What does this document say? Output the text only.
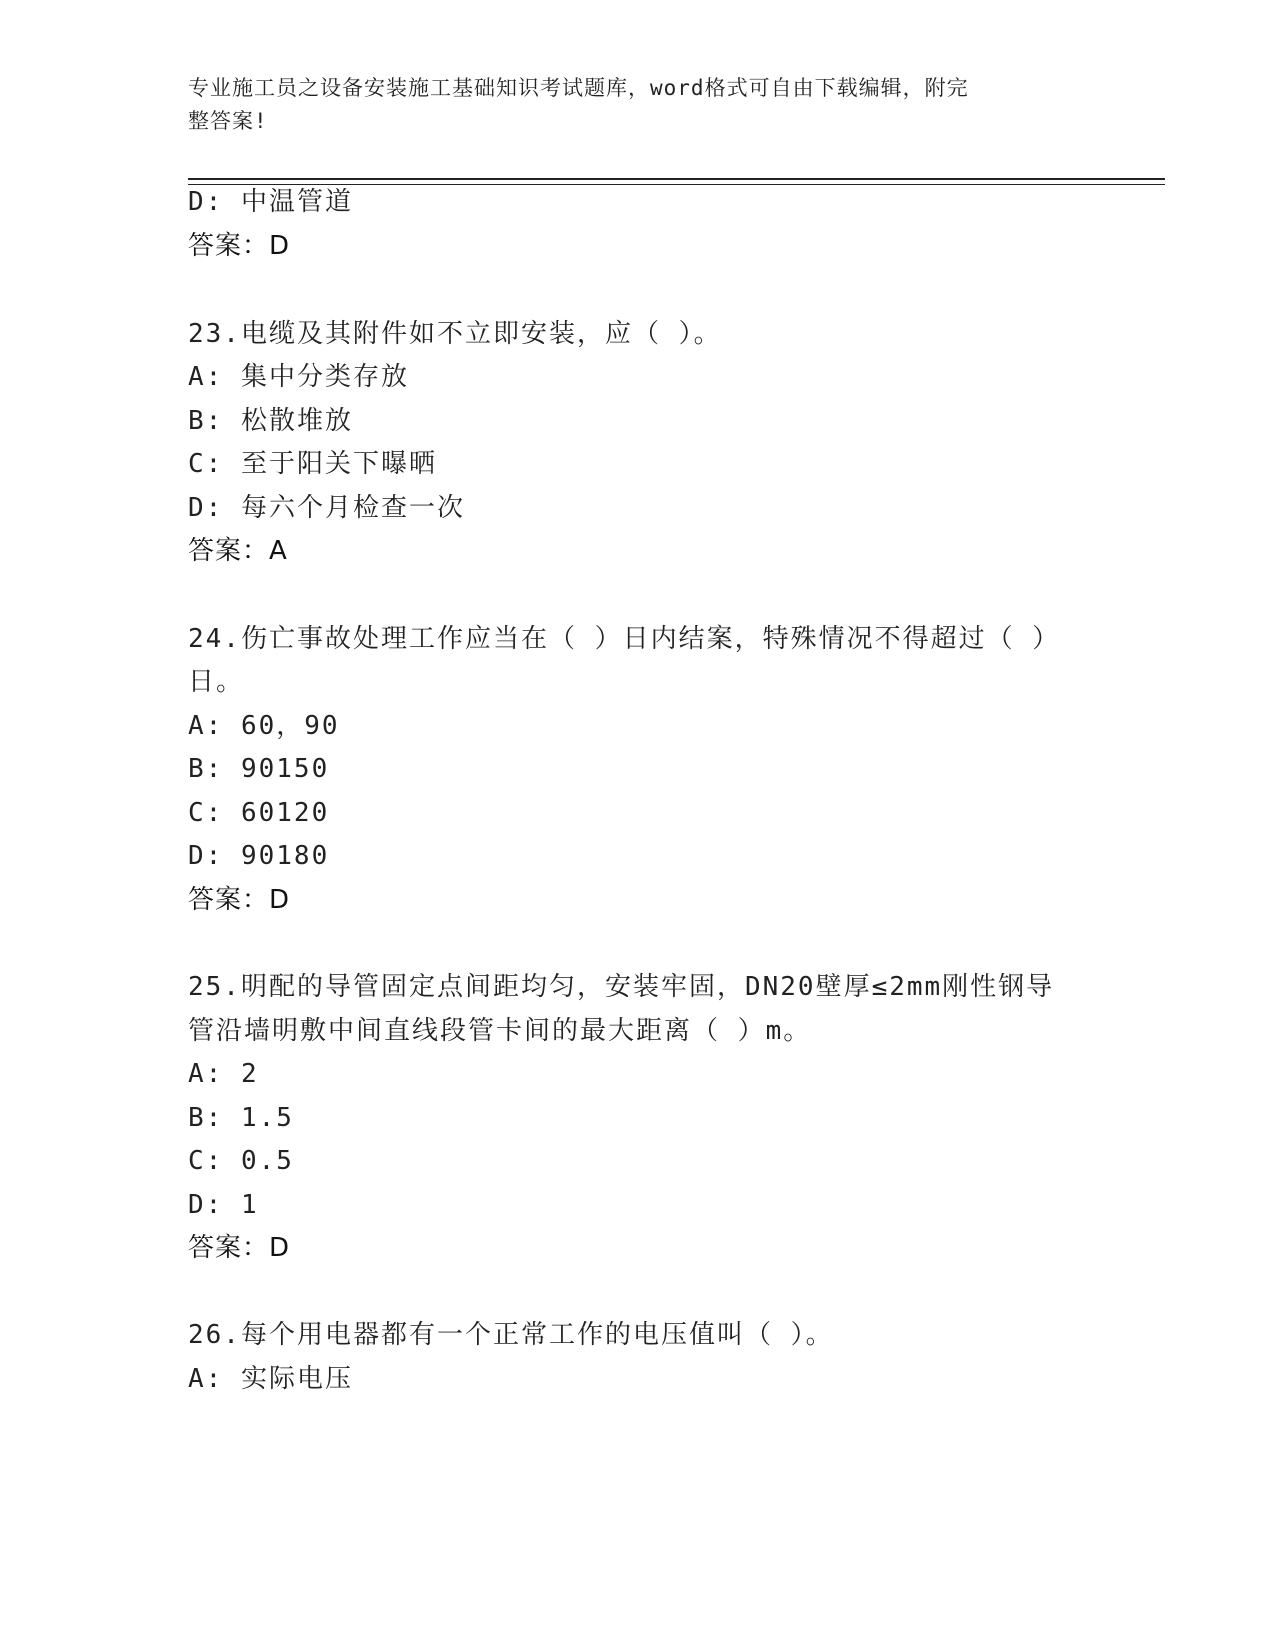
专业施工员之设备安装施工基础知识考试题库，word格式可自由下载编辑，附完
整答案!
D: 中温管道
答案：D
23.电缆及其附件如不立即安装，应（ ）。
A: 集中分类存放
B: 松散堆放
C: 至于阳关下曝晒
D: 每六个月检查一次
答案：A
24.伤亡事故处理工作应当在（ ）日内结案，特殊情况不得超过（ ）
日。
A: 60，90
B: 90150
C: 60120
D: 90180
答案：D
25.明配的导管固定点间距均匀，安装牢固，DN20壁厚≤2mm刚性钢导
管沿墙明敷中间直线段管卡间的最大距离（ ）m。
A: 2
B: 1.5
C: 0.5
D: 1
答案：D
26.每个用电器都有一个正常工作的电压值叫（ ）。
A: 实际电压
